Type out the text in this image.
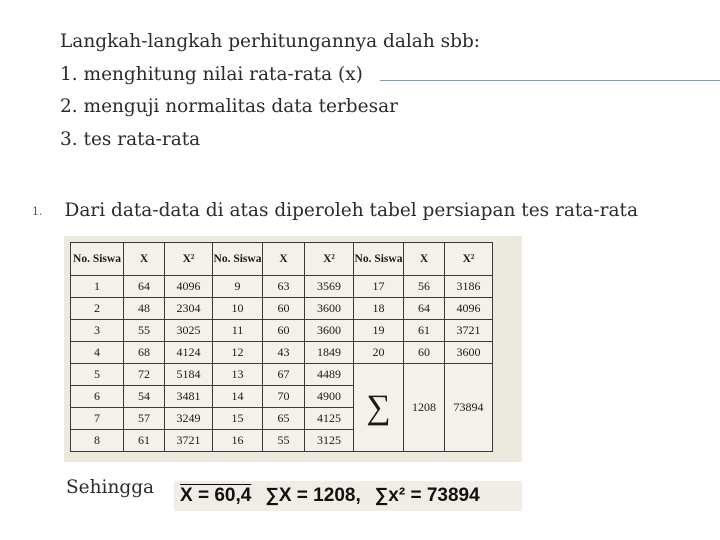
Langkah-langkah perhitungannya dalah sbb:
1. menghitung nilai rata-rata (x)
2. menguji normalitas data terbesar
3. tes rata-rata
1. Dari data-data di atas diperoleh tabel persiapan tes rata-rata
No. Siswa	X	X²	No. Siswa	X	X²	No. Siswa	X	X²
1	64	4096	9	63	3569	17	56	3186
2	48	2304	10	60	3600	18	64	4096
3	55	3025	11	60	3600	19	61	3721
4	68	4124	12	43	1849	20	60	3600
5	72	5184	13	67	4489	∑	1208	73894
6	54	3481	14	70	4900			
7	57	3249	15	65	4125			
8	61	3721	16	55	3125			
Sehingga X = 60,4 ∑X = 1208, ∑x² = 73894
